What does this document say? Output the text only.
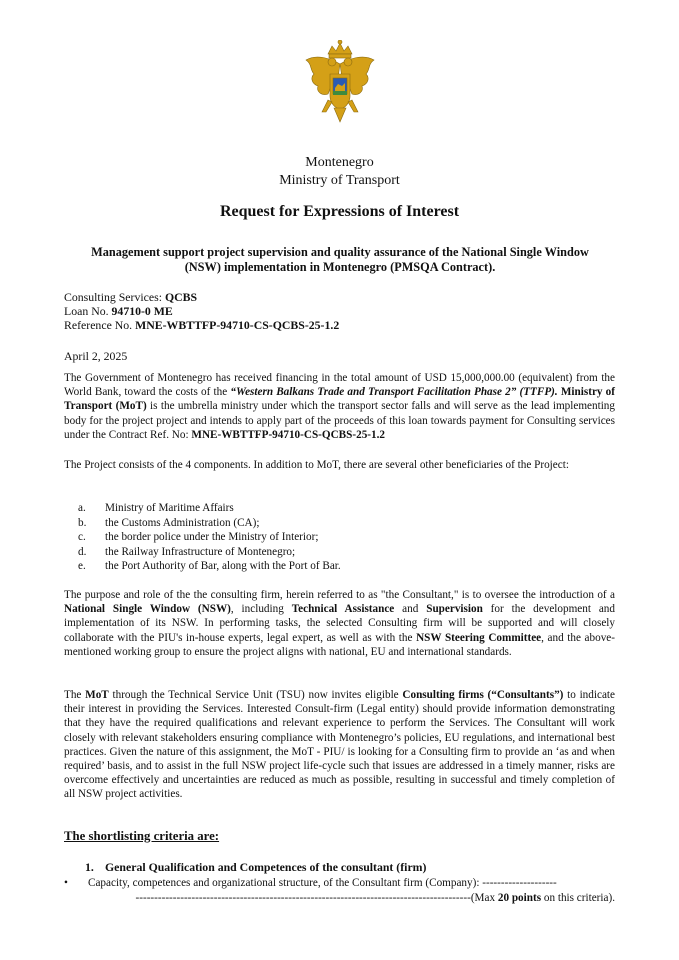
Montenegro
Ministry of Transport
Request for Expressions of Interest
Management support project supervision and quality assurance of the National Single Window (NSW) implementation in Montenegro (PMSQA Contract).
Consulting Services: QCBS
Loan No. 94710-0 ME
Reference No. MNE-WBTTFP-94710-CS-QCBS-25-1.2
April 2, 2025
The Government of Montenegro has received financing in the total amount of USD 15,000,000.00 (equivalent) from the World Bank, toward the costs of the “Western Balkans Trade and Transport Facilitation Phase 2” (TTFP). Ministry of Transport (MoT) is the umbrella ministry under which the transport sector falls and will serve as the lead implementing body for the project project and intends to apply part of the proceeds of this loan towards payment for Consulting services under the Contract Ref. No: MNE-WBTTFP-94710-CS-QCBS-25-1.2
The Project consists of the 4 components. In addition to MoT, there are several other beneficiaries of the Project:
a.	Ministry of Maritime Affairs
b.	the Customs Administration (CA);
c.	the border police under the Ministry of Interior;
d.	the Railway Infrastructure of Montenegro;
e.	the Port Authority of Bar, along with the Port of Bar.
The purpose and role of the the consulting firm, herein referred to as "the Consultant," is to oversee the introduction of a National Single Window (NSW), including Technical Assistance and Supervision for the development and implementation of its NSW. In performing tasks, the selected Consulting firm will be supported and will closely collaborate with the PIU's in-house experts, legal expert, as well as with the NSW Steering Committee, and the above-mentioned working group to ensure the project aligns with national, EU and international standards.
The MoT through the Technical Service Unit (TSU) now invites eligible Consulting firms (“Consultants”) to indicate their interest in providing the Services. Interested Consult-firm (Legal entity) should provide information demonstrating that they have the required qualifications and relevant experience to perform the Services. The Consultant will work closely with relevant stakeholders ensuring compliance with Montenegro’s policies, EU regulations, and international best practices. Given the nature of this assignment, the MoT - PIU/ is looking for a Consulting firm to provide an ‘as and when required’ basis, and to assist in the full NSW project life-cycle such that issues are addressed in a timely manner, risks are overcome effectively and uncertainties are reduced as much as possible, resulting in successful and timely completion of all NSW project activities.
The shortlisting criteria are:
1. General Qualification and Competences of the consultant (firm)
• Capacity, competences and organizational structure, of the Consultant firm (Company): --------------------
------------------------------------------------------------------------------------------(Max 20 points on this criteria).
